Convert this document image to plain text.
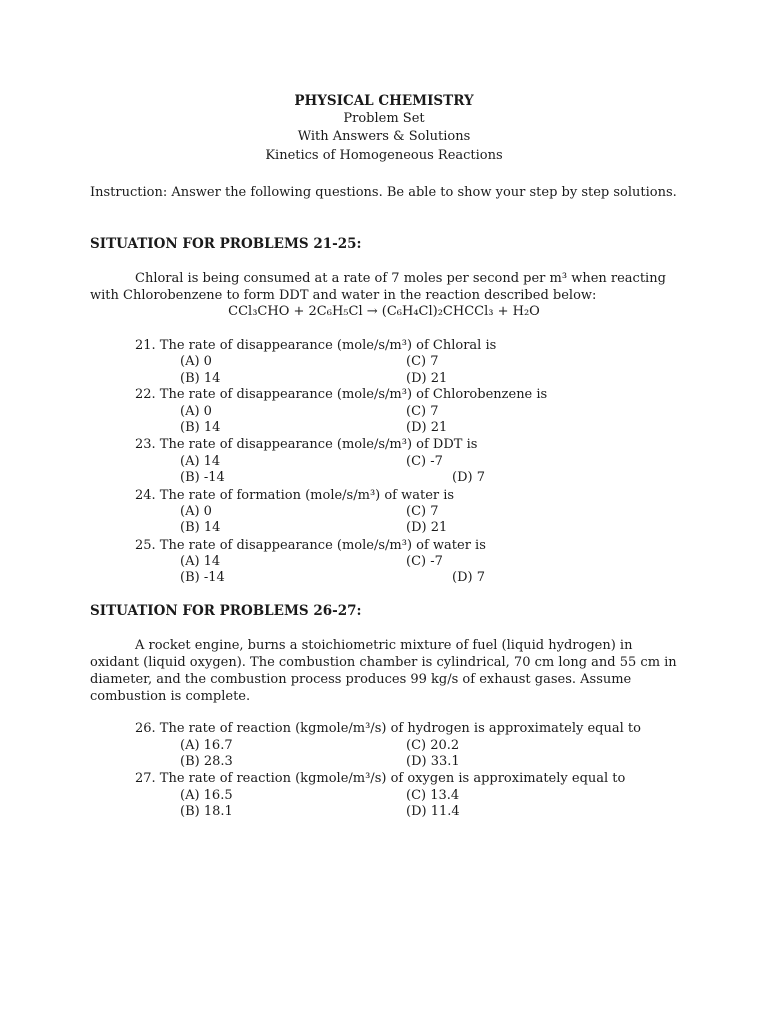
PHYSICAL CHEMISTRY

Problem Set

With Answers & Solutions

Kinetics of Homogeneous Reactions

Instruction: Answer the following questions. Be able to show your step by step solutions.

SITUATION FOR PROBLEMS 21-25:

Chloral is being consumed at a rate of 7 moles per second per m³ when reacting with Chlorobenzene to form DDT and water in the reaction described below:

CCl₃CHO + 2C₆H₅Cl → (C₆H₄Cl)₂CHCCl₃ + H₂O

21. The rate of disappearance (mole/s/m³) of Chloral is

(A) 0	(C) 7

(B) 14	(D) 21

22. The rate of disappearance (mole/s/m³) of Chlorobenzene is

(A) 0	(C) 7

(B) 14	(D) 21

23. The rate of disappearance (mole/s/m³) of DDT is

(A) 14	(C) -7

(B) -14	(D) 7

24. The rate of formation (mole/s/m³) of water is

(A) 0	(C) 7

(B) 14	(D) 21

25. The rate of disappearance (mole/s/m³) of water is

(A) 14	(C) -7

(B) -14	(D) 7

SITUATION FOR PROBLEMS 26-27:

A rocket engine, burns a stoichiometric mixture of fuel (liquid hydrogen) in oxidant (liquid oxygen). The combustion chamber is cylindrical, 70 cm long and 55 cm in diameter, and the combustion process produces 99 kg/s of exhaust gases. Assume combustion is complete.

26. The rate of reaction (kgmole/m³/s) of hydrogen is approximately equal to

(A) 16.7	(C) 20.2

(B) 28.3	(D) 33.1

27. The rate of reaction (kgmole/m³/s) of oxygen is approximately equal to

(A) 16.5	(C) 13.4

(B) 18.1	(D) 11.4
